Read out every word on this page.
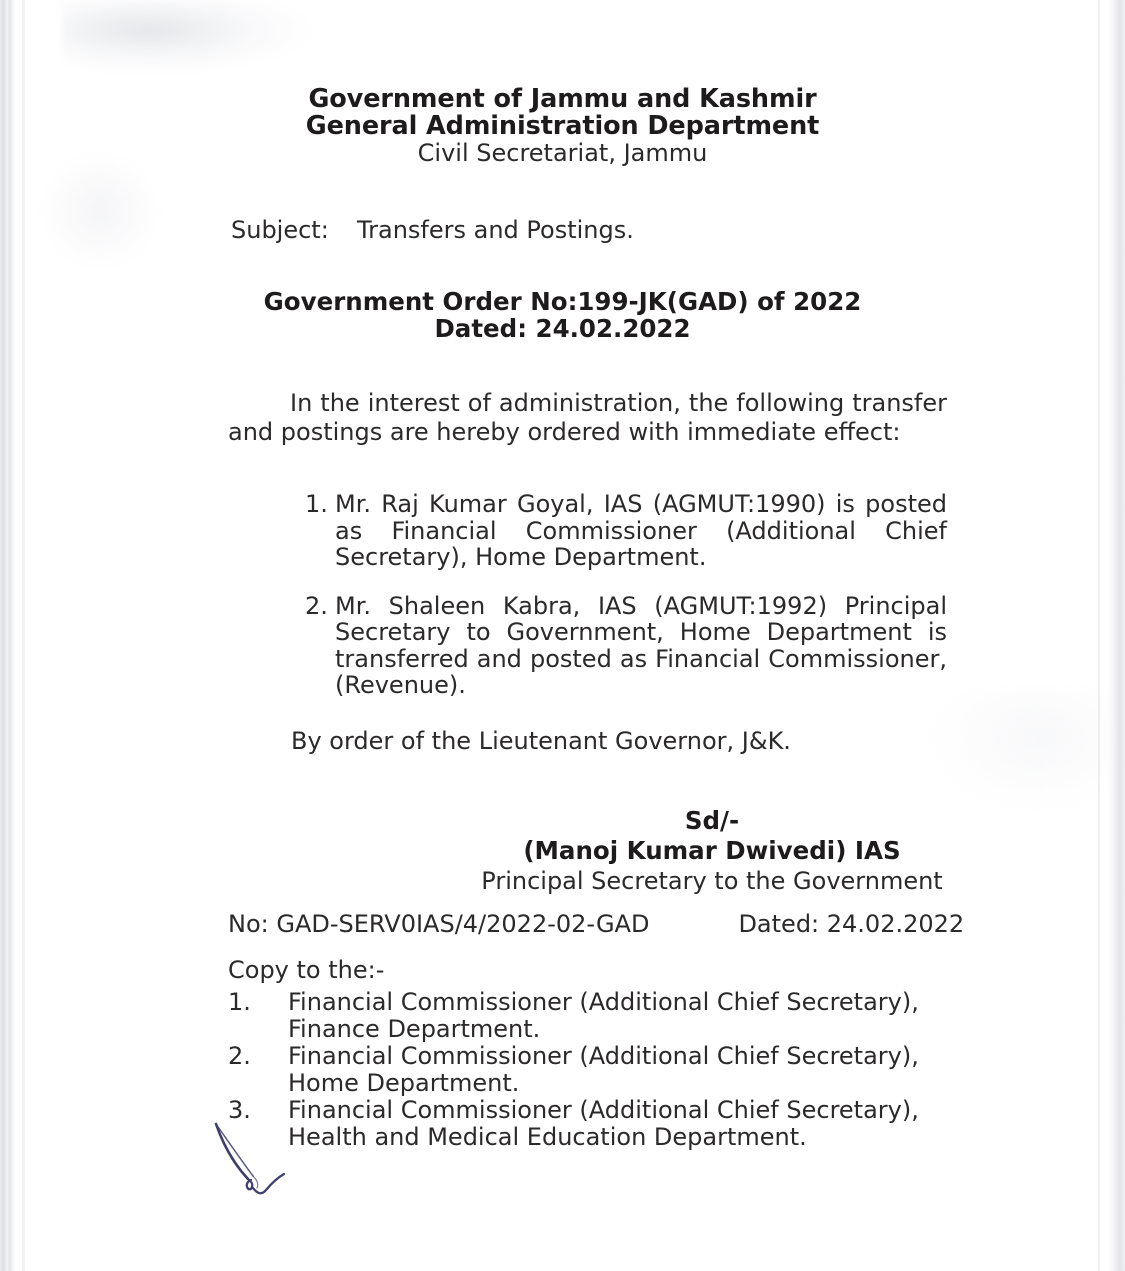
Government of Jammu and Kashmir
General Administration Department
Civil Secretariat, Jammu
Subject: Transfers and Postings.
Government Order No:199-JK(GAD) of 2022
Dated: 24.02.2022
In the interest of administration, the following transfer and postings are hereby ordered with immediate effect:
1. Mr. Raj Kumar Goyal, IAS (AGMUT:1990) is posted as Financial Commissioner (Additional Chief Secretary), Home Department.
2. Mr. Shaleen Kabra, IAS (AGMUT:1992) Principal Secretary to Government, Home Department is transferred and posted as Financial Commissioner, (Revenue).
By order of the Lieutenant Governor, J&K.
Sd/-
(Manoj Kumar Dwivedi) IAS
Principal Secretary to the Government
No: GAD-SERV0IAS/4/2022-02-GAD	Dated: 24.02.2022
Copy to the:-
1.	Financial Commissioner (Additional Chief Secretary), Finance Department.
2.	Financial Commissioner (Additional Chief Secretary), Home Department.
3.	Financial Commissioner (Additional Chief Secretary), Health and Medical Education Department.
